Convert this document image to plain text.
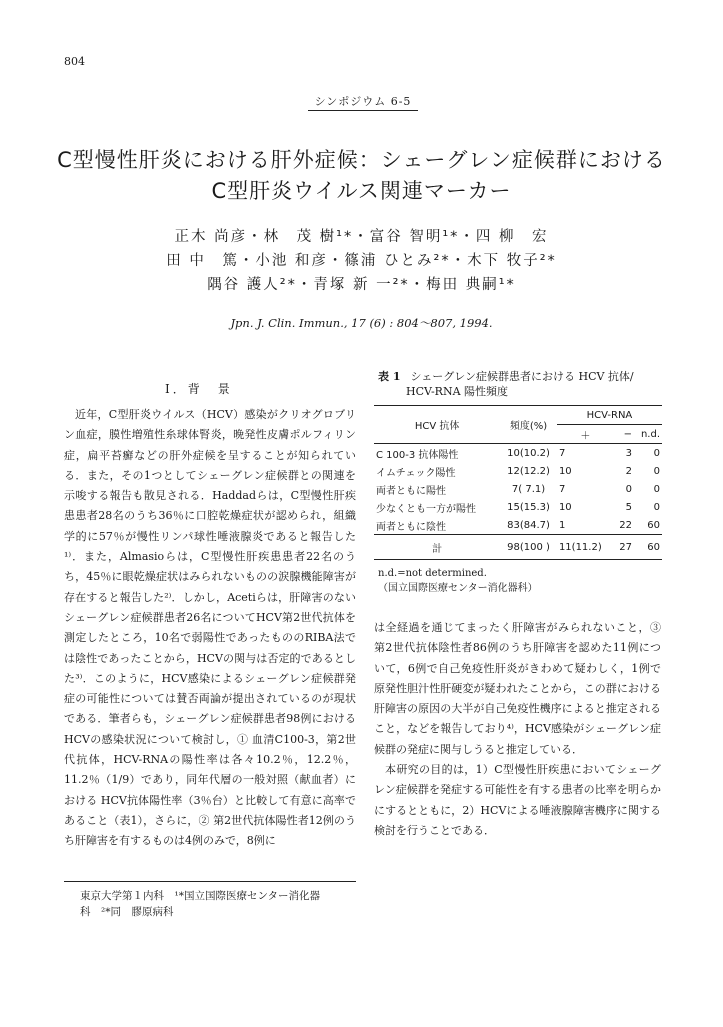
804
シンポジウム 6-5
C型慢性肝炎における肝外症候：シェーグレン症候群における
C型肝炎ウイルス関連マーカー
正木 尚彦・林　茂 樹¹*・富谷 智明¹*・四 柳　宏
田 中　篤・小池 和彦・篠浦 ひとみ²*・木下 牧子²*
隅谷 護人²*・青塚 新 一²*・梅田 典嗣¹*
Jpn. J. Clin. Immun., 17 (6) : 804〜807, 1994.
I．背　景

近年，C型肝炎ウイルス（HCV）感染がクリオグロブリン血症，膜性増殖性糸球体腎炎，晩発性皮膚ポルフィリン症，扁平苔癬などの肝外症候を呈することが知られている．また，その1つとしてシェーグレン症候群との関連を示唆する報告も散見される．Haddadらは，C型慢性肝疾患患者28名のうち36％に口腔乾燥症状が認められ，組織学的に57％が慢性リンパ球性唾液腺炎であると報告した¹⁾．また，Almasioらは，C型慢性肝疾患患者22名のうち，45％に眼乾燥症状はみられないものの涙腺機能障害が存在すると報告した²⁾．しかし，Acetiらは，肝障害のないシェーグレン症候群患者26名についてHCV第2世代抗体を測定したところ，10名で弱陽性であったもののRIBA法では陰性であったことから，HCVの関与は否定的であるとした³⁾．このように，HCV感染によるシェーグレン症候群発症の可能性については賛否両論が提出されているのが現状である．筆者らも，シェーグレン症候群患者98例におけるHCVの感染状況について検討し，① 血清C100-3，第2世代抗体，HCV-RNAの陽性率は各々10.2％，12.2％，11.2％（1/9）であり，同年代層の一般対照（献血者）における HCV抗体陽性率（3％台）と比較して有意に高率であること（表1），さらに，② 第2世代抗体陽性者12例のうち肝障害を有するものは4例のみで，8例に

表 1 シェーグレン症候群患者における HCV 抗体/
HCV-RNA 陽性頻度
HCV 抗体	頻度(%)	HCV-RNA		
		＋	−	n.d.
C 100-3 抗体陽性	10(10.2)	7	3	0
イムチェック陽性	12(12.2)	10	2	0
両者ともに陽性	7( 7.1)	7	0	0
少なくとも一方が陽性	15(15.3)	10	5	0
両者ともに陰性	83(84.7)	1	22	60
計	98(100 )	11(11.2)	27	60
n.d.=not determined.
（国立国際医療センター消化器科）

は全経過を通じてまったく肝障害がみられないこと，③ 第2世代抗体陰性者86例のうち肝障害を認めた11例について，6例で自己免疫性肝炎がきわめて疑わしく，1例で原発性胆汁性肝硬変が疑われたことから，この群における肝障害の原因の大半が自己免疫性機序によると推定されること，などを報告しており⁴⁾，HCV感染がシェーグレン症候群の発症に関与しうると推定している．

本研究の目的は，1）C型慢性肝疾患においてシェーグレン症候群を発症する可能性を有する患者の比率を明らかにするとともに，2）HCVによる唾液腺障害機序に関する検討を行うことである．

東京大学第１内科　¹*国立国際医療センター消化器
科　²*同　膠原病科
